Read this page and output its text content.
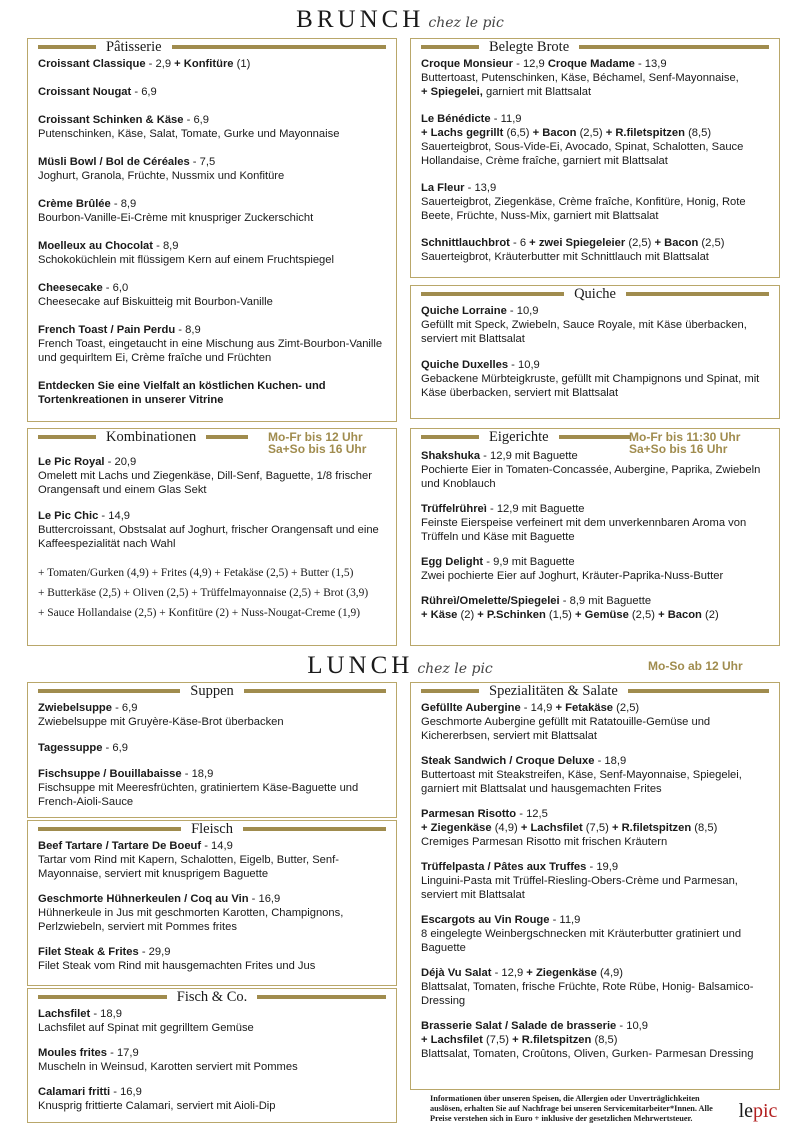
BRUNCH chez le pic
Pâtisserie
Croissant Classique - 2,9 + Konfitüre (1)
Croissant Nougat - 6,9
Croissant Schinken & Käse - 6,9
Putenschinken, Käse, Salat, Tomate, Gurke und Mayonnaise
Müsli Bowl / Bol de Céréales - 7,5
Joghurt, Granola, Früchte, Nussmix und Konfitüre
Crème Brûlée - 8,9
Bourbon-Vanille-Ei-Crème mit knuspriger Zuckerschicht
Moelleux au Chocolat - 8,9
Schokoküchlein mit flüssigem Kern auf einem Fruchtspiegel
Cheesecake - 6,0
Cheesecake auf Biskuitteig mit Bourbon-Vanille
French Toast / Pain Perdu - 8,9
French Toast, eingetaucht in eine Mischung aus Zimt-Bourbon-Vanille und gequirltem Ei, Crème fraîche und Früchten
Entdecken Sie eine Vielfalt an köstlichen Kuchen- und Tortenkreationen in unserer Vitrine
Belegte Brote
Croque Monsieur - 12,9 Croque Madame - 13,9
Buttertoast, Putenschinken, Käse, Béchamel, Senf-Mayonnaise,
+ Spiegelei, garniert mit Blattsalat
Le Bénédicte - 11,9
+ Lachs gegrillt (6,5) + Bacon (2,5) + R.filetspitzen (8,5)
Sauerteigbrot, Sous-Vide-Ei, Avocado, Spinat, Schalotten, Sauce Hollandaise, Crème fraîche, garniert mit Blattsalat
La Fleur - 13,9
Sauerteigbrot, Ziegenkäse, Crème fraîche, Konfitüre, Honig, Rote Beete, Früchte, Nuss-Mix, garniert mit Blattsalat
Schnittlauchbrot - 6 + zwei Spiegeleier (2,5) + Bacon (2,5)
Sauerteigbrot, Kräuterbutter mit Schnittlauch mit Blattsalat
Quiche
Quiche Lorraine - 10,9
Gefüllt mit Speck, Zwiebeln, Sauce Royale, mit Käse überbacken, serviert mit Blattsalat
Quiche Duxelles - 10,9
Gebackene Mürbteigkruste, gefüllt mit Champignons und Spinat, mit Käse überbacken, serviert mit Blattsalat
Kombinationen	Mo-Fr bis 12 Uhr
Sa+So bis 16 Uhr
Le Pic Royal - 20,9
Omelett mit Lachs und Ziegenkäse, Dill-Senf, Baguette, 1/8 frischer Orangensaft und einem Glas Sekt
Le Pic Chic - 14,9
Buttercroissant, Obstsalat auf Joghurt, frischer Orangensaft und eine Kaffeespezialität nach Wahl
+ Tomaten/Gurken (4,9) + Frites (4,9) + Fetakäse (2,5) + Butter (1,5)
+ Butterkäse (2,5) + Oliven (2,5) + Trüffelmayonnaise (2,5) + Brot (3,9)
+ Sauce Hollandaise (2,5) + Konfitüre (2) + Nuss-Nougat-Creme (1,9)
Eigerichte	Mo-Fr bis 11:30 Uhr
Sa+So bis 16 Uhr
Shakshuka - 12,9 mit Baguette
Pochierte Eier in Tomaten-Concassée, Aubergine, Paprika, Zwiebeln und Knoblauch
Trüffelrühreì - 12,9 mit Baguette
Feinste Eierspeise verfeinert mit dem unverkennbaren Aroma von Trüffeln und Käse mit Baguette
Egg Delight - 9,9 mit Baguette
Zwei pochierte Eier auf Joghurt, Kräuter-Paprika-Nuss-Butter
Rühreì/Omelette/Spiegelei - 8,9 mit Baguette
+ Käse (2) + P.Schinken (1,5) + Gemüse (2,5) + Bacon (2)
LUNCH chez le pic	Mo-So ab 12 Uhr
Suppen
Zwiebelsuppe - 6,9
Zwiebelsuppe mit Gruyère-Käse-Brot überbacken
Tagessuppe - 6,9
Fischsuppe / Bouillabaisse - 18,9
Fischsuppe mit Meeresfrüchten, gratiniertem Käse-Baguette und French-Aioli-Sauce
Fleisch
Beef Tartare / Tartare De Boeuf - 14,9
Tartar vom Rind mit Kapern, Schalotten, Eigelb, Butter, Senf-Mayonnaise, serviert mit knusprigem Baguette
Geschmorte Hühnerkeulen / Coq au Vin - 16,9
Hühnerkeule in Jus mit geschmorten Karotten, Champignons, Perlzwiebeln, serviert mit Pommes frites
Filet Steak & Frites - 29,9
Filet Steak vom Rind mit hausgemachten Frites und Jus
Fisch & Co.
Lachsfilet - 18,9
Lachsfilet auf Spinat mit gegrilltem Gemüse
Moules frites - 17,9
Muscheln in Weinsud, Karotten serviert mit Pommes
Calamari fritti - 16,9
Knusprig frittierte Calamari, serviert mit Aioli-Dip
Spezialitäten & Salate
Gefüllte Aubergine - 14,9 + Fetakäse (2,5)
Geschmorte Aubergine gefüllt mit Ratatouille-Gemüse und Kichererbsen, serviert mit Blattsalat
Steak Sandwich / Croque Deluxe - 18,9
Buttertoast mit Steakstreifen, Käse, Senf-Mayonnaise, Spiegelei, garniert mit Blattsalat und hausgemachten Frites
Parmesan Risotto - 12,5
+ Ziegenkäse (4,9) + Lachsfilet (7,5) + R.filetspitzen (8,5)
Cremiges Parmesan Risotto mit frischen Kräutern
Trüffelpasta / Pâtes aux Truffes - 19,9
Linguini-Pasta mit Trüffel-Riesling-Obers-Crème und Parmesan, serviert mit Blattsalat
Escargots au Vin Rouge - 11,9
8 eingelegte Weinbergschnecken mit Kräuterbutter gratiniert und Baguette
Déjà Vu Salat - 12,9 + Ziegenkäse (4,9)
Blattsalat, Tomaten, frische Früchte, Rote Rübe, Honig- Balsamico-Dressing
Brasserie Salat / Salade de brasserie - 10,9
+ Lachsfilet (7,5) + R.filetspitzen (8,5)
Blattsalat, Tomaten, Croûtons, Oliven, Gurken- Parmesan Dressing
Informationen über unseren Speisen, die Allergien oder Unverträglichkeiten auslösen, erhalten Sie auf Nachfrage bei unseren Servicemitarbeiter*Innen. Alle Preise verstehen sich in Euro + inklusive der gesetzlichen Mehrwertsteuer.	lepic
